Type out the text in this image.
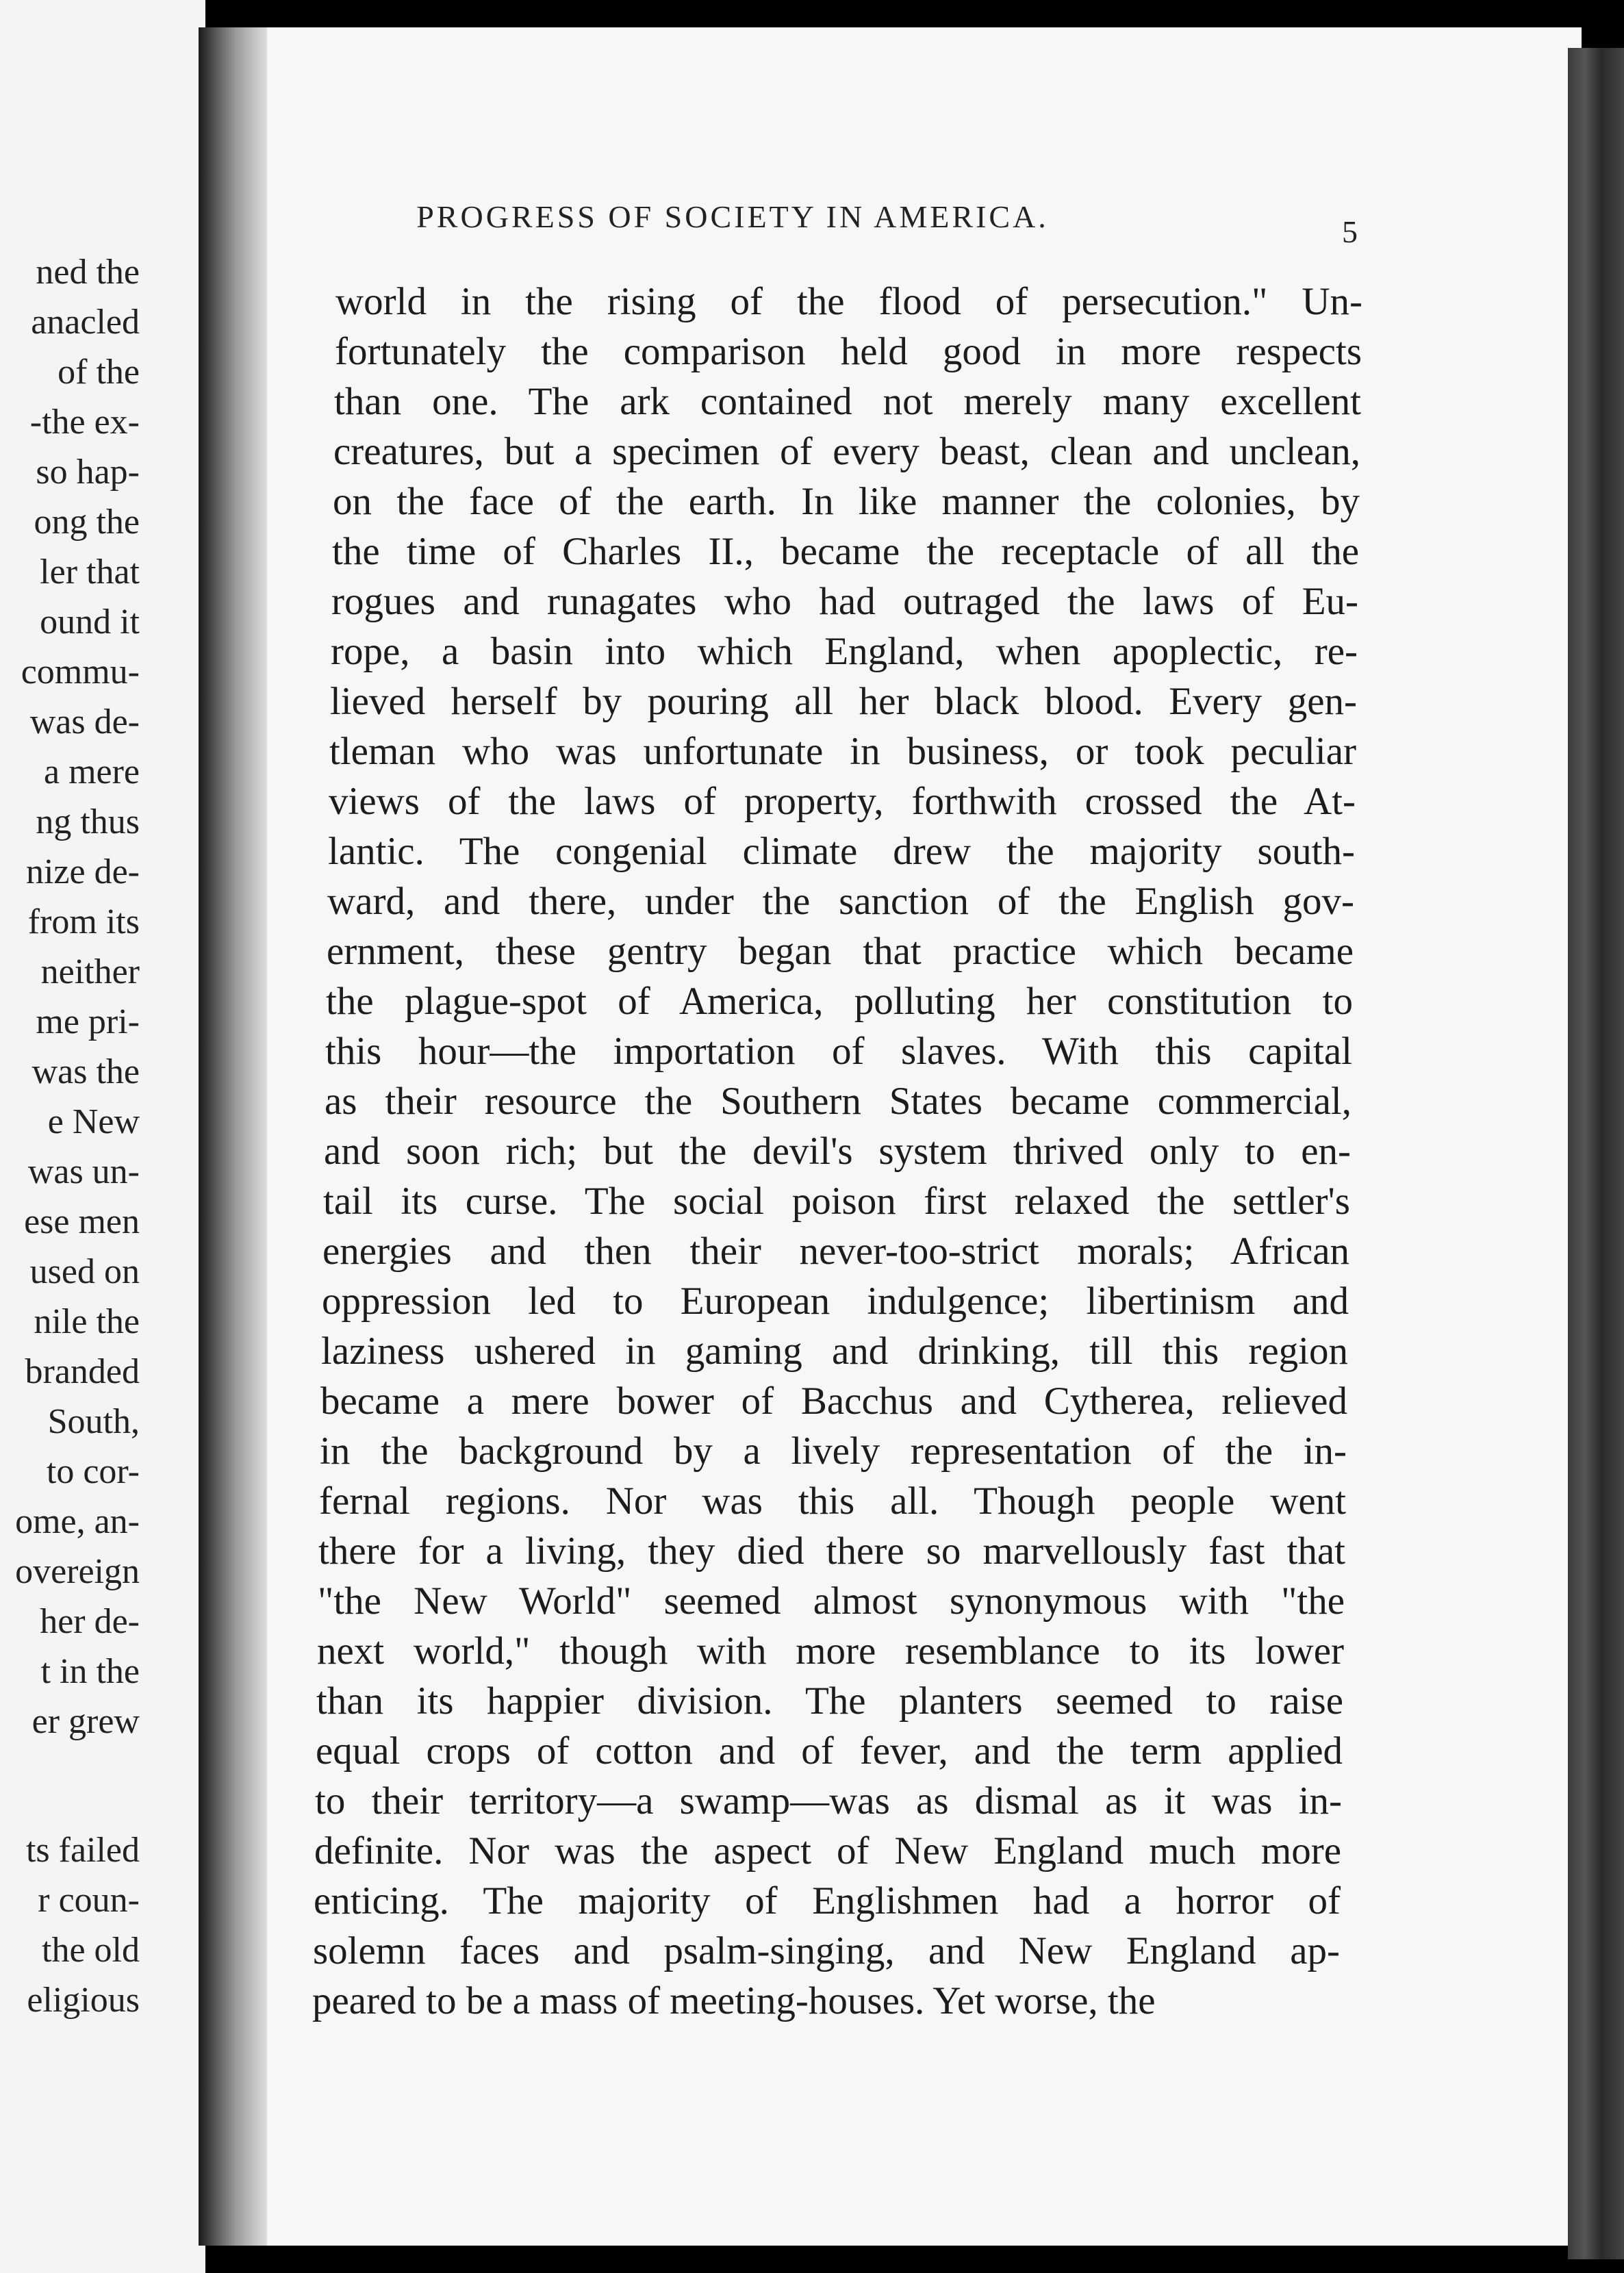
ned the
anacled
of the
-the ex-
so hap-
ong the
ler that
ound it
commu-
was de-
a mere
ng thus
nize de-
from its
neither
me pri-
was the
e New
was un-
ese men
used on
nile the
branded
South,
to cor-
ome, an-
overeign
her de-
t in the
er grew
ts failed
r coun-
the old
eligious
PROGRESS OF SOCIETY IN AMERICA.	5
world in the rising of the flood of persecution." Un-
fortunately the comparison held good in more respects
than one. The ark contained not merely many excellent
creatures, but a specimen of every beast, clean and unclean,
on the face of the earth. In like manner the colonies, by
the time of Charles II., became the receptacle of all the
rogues and runagates who had outraged the laws of Eu-
rope, a basin into which England, when apoplectic, re-
lieved herself by pouring all her black blood. Every gen-
tleman who was unfortunate in business, or took peculiar
views of the laws of property, forthwith crossed the At-
lantic. The congenial climate drew the majority south-
ward, and there, under the sanction of the English gov-
ernment, these gentry began that practice which became
the plague-spot of America, polluting her constitution to
this hour—the importation of slaves. With this capital
as their resource the Southern States became commercial,
and soon rich; but the devil's system thrived only to en-
tail its curse. The social poison first relaxed the settler's
energies and then their never-too-strict morals; African
oppression led to European indulgence; libertinism and
laziness ushered in gaming and drinking, till this region
became a mere bower of Bacchus and Cytherea, relieved
in the background by a lively representation of the in-
fernal regions. Nor was this all. Though people went
there for a living, they died there so marvellously fast that
"the New World" seemed almost synonymous with "the
next world," though with more resemblance to its lower
than its happier division. The planters seemed to raise
equal crops of cotton and of fever, and the term applied
to their territory—a swamp—was as dismal as it was in-
definite. Nor was the aspect of New England much more
enticing. The majority of Englishmen had a horror of
solemn faces and psalm-singing, and New England ap-
peared to be a mass of meeting-houses. Yet worse, the
